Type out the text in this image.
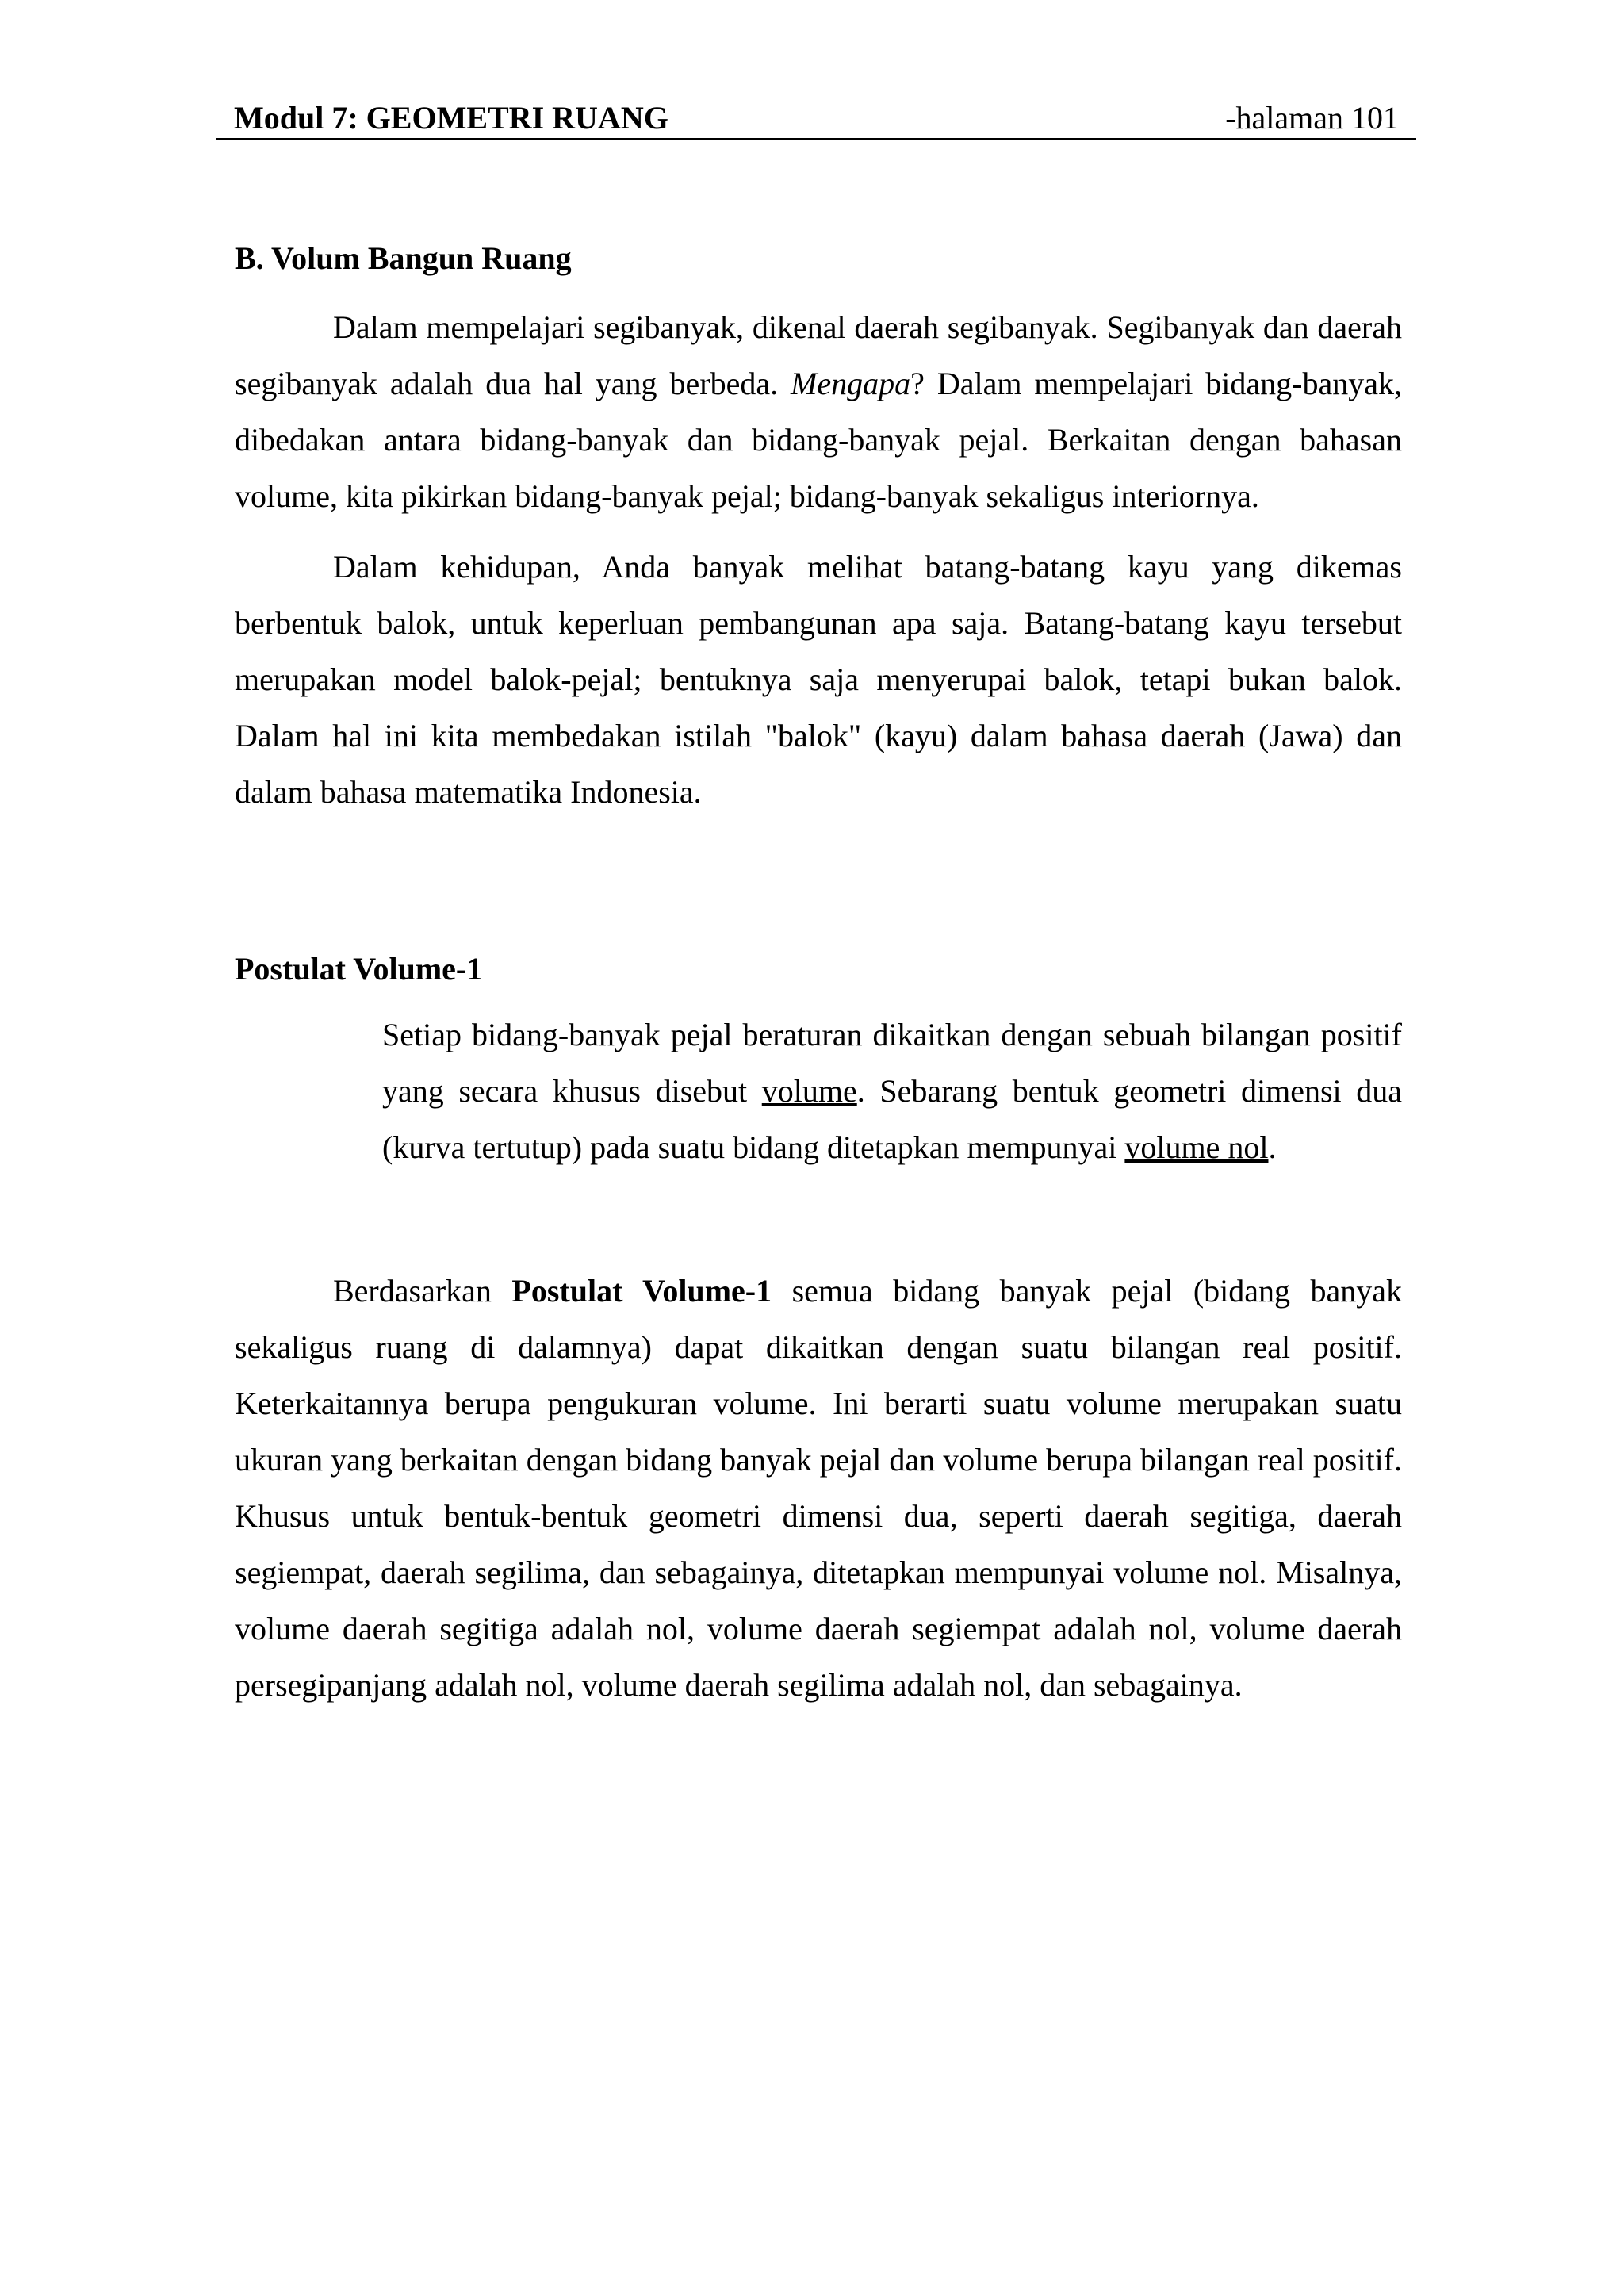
Modul 7: GEOMETRI RUANG	-halaman 101
B. Volum Bangun Ruang

Dalam mempelajari segibanyak, dikenal daerah segibanyak. Segibanyak dan daerah segibanyak adalah dua hal yang berbeda. Mengapa? Dalam mempelajari bidang-banyak, dibedakan antara bidang-banyak dan bidang-banyak pejal. Berkaitan dengan bahasan volume, kita pikirkan bidang-banyak pejal; bidang-banyak sekaligus interiornya.

Dalam kehidupan, Anda banyak melihat batang-batang kayu yang dikemas berbentuk balok, untuk keperluan pembangunan apa saja. Batang-batang kayu tersebut merupakan model balok-pejal; bentuknya saja menyerupai balok, tetapi bukan balok. Dalam hal ini kita membedakan istilah "balok" (kayu) dalam bahasa daerah (Jawa) dan dalam bahasa matematika Indonesia.

Postulat Volume-1

Setiap bidang-banyak pejal beraturan dikaitkan dengan sebuah bilangan positif yang secara khusus disebut volume. Sebarang bentuk geometri dimensi dua (kurva tertutup) pada suatu bidang ditetapkan mempunyai volume nol.

Berdasarkan Postulat Volume-1 semua bidang banyak pejal (bidang banyak sekaligus ruang di dalamnya) dapat dikaitkan dengan suatu bilangan real positif. Keterkaitannya berupa pengukuran volume. Ini berarti suatu volume merupakan suatu ukuran yang berkaitan dengan bidang banyak pejal dan volume berupa bilangan real positif. Khusus untuk bentuk-bentuk geometri dimensi dua, seperti daerah segitiga, daerah segiempat, daerah segilima, dan sebagainya, ditetapkan mempunyai volume nol. Misalnya, volume daerah segitiga adalah nol, volume daerah segiempat adalah nol, volume daerah persegipanjang adalah nol, volume daerah segilima adalah nol, dan sebagainya.
